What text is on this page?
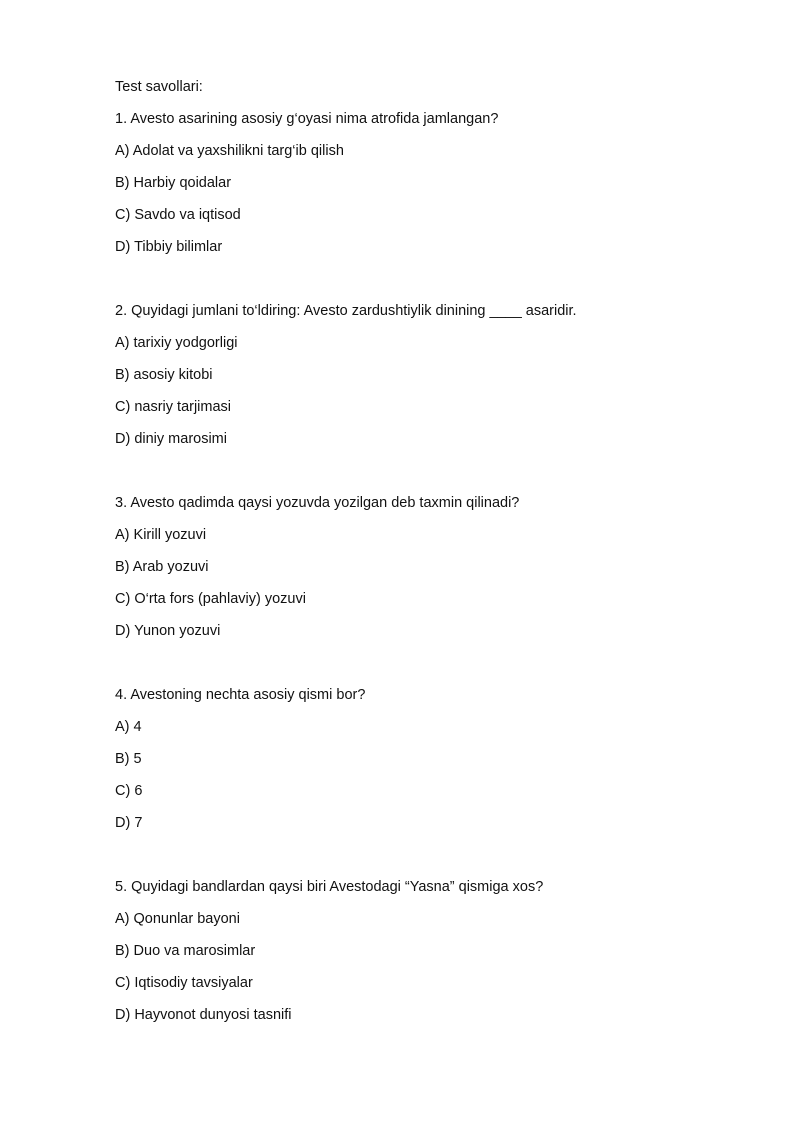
Test savollari:

1. Avesto asarining asosiy g‘oyasi nima atrofida jamlangan?

A) Adolat va yaxshilikni targ‘ib qilish

B) Harbiy qoidalar

C) Savdo va iqtisod

D) Tibbiy bilimlar

2. Quyidagi jumlani to‘ldiring: Avesto zardushtiylik dinining ____ asaridir.

A) tarixiy yodgorligi

B) asosiy kitobi

C) nasriy tarjimasi

D) diniy marosimi

3. Avesto qadimda qaysi yozuvda yozilgan deb taxmin qilinadi?

A) Kirill yozuvi

B) Arab yozuvi

C) O‘rta fors (pahlaviy) yozuvi

D) Yunon yozuvi

4. Avestoning nechta asosiy qismi bor?

A) 4

B) 5

C) 6

D) 7

5. Quyidagi bandlardan qaysi biri Avestodagi “Yasna” qismiga xos?

A) Qonunlar bayoni

B) Duo va marosimlar

C) Iqtisodiy tavsiyalar

D) Hayvonot dunyosi tasnifi
